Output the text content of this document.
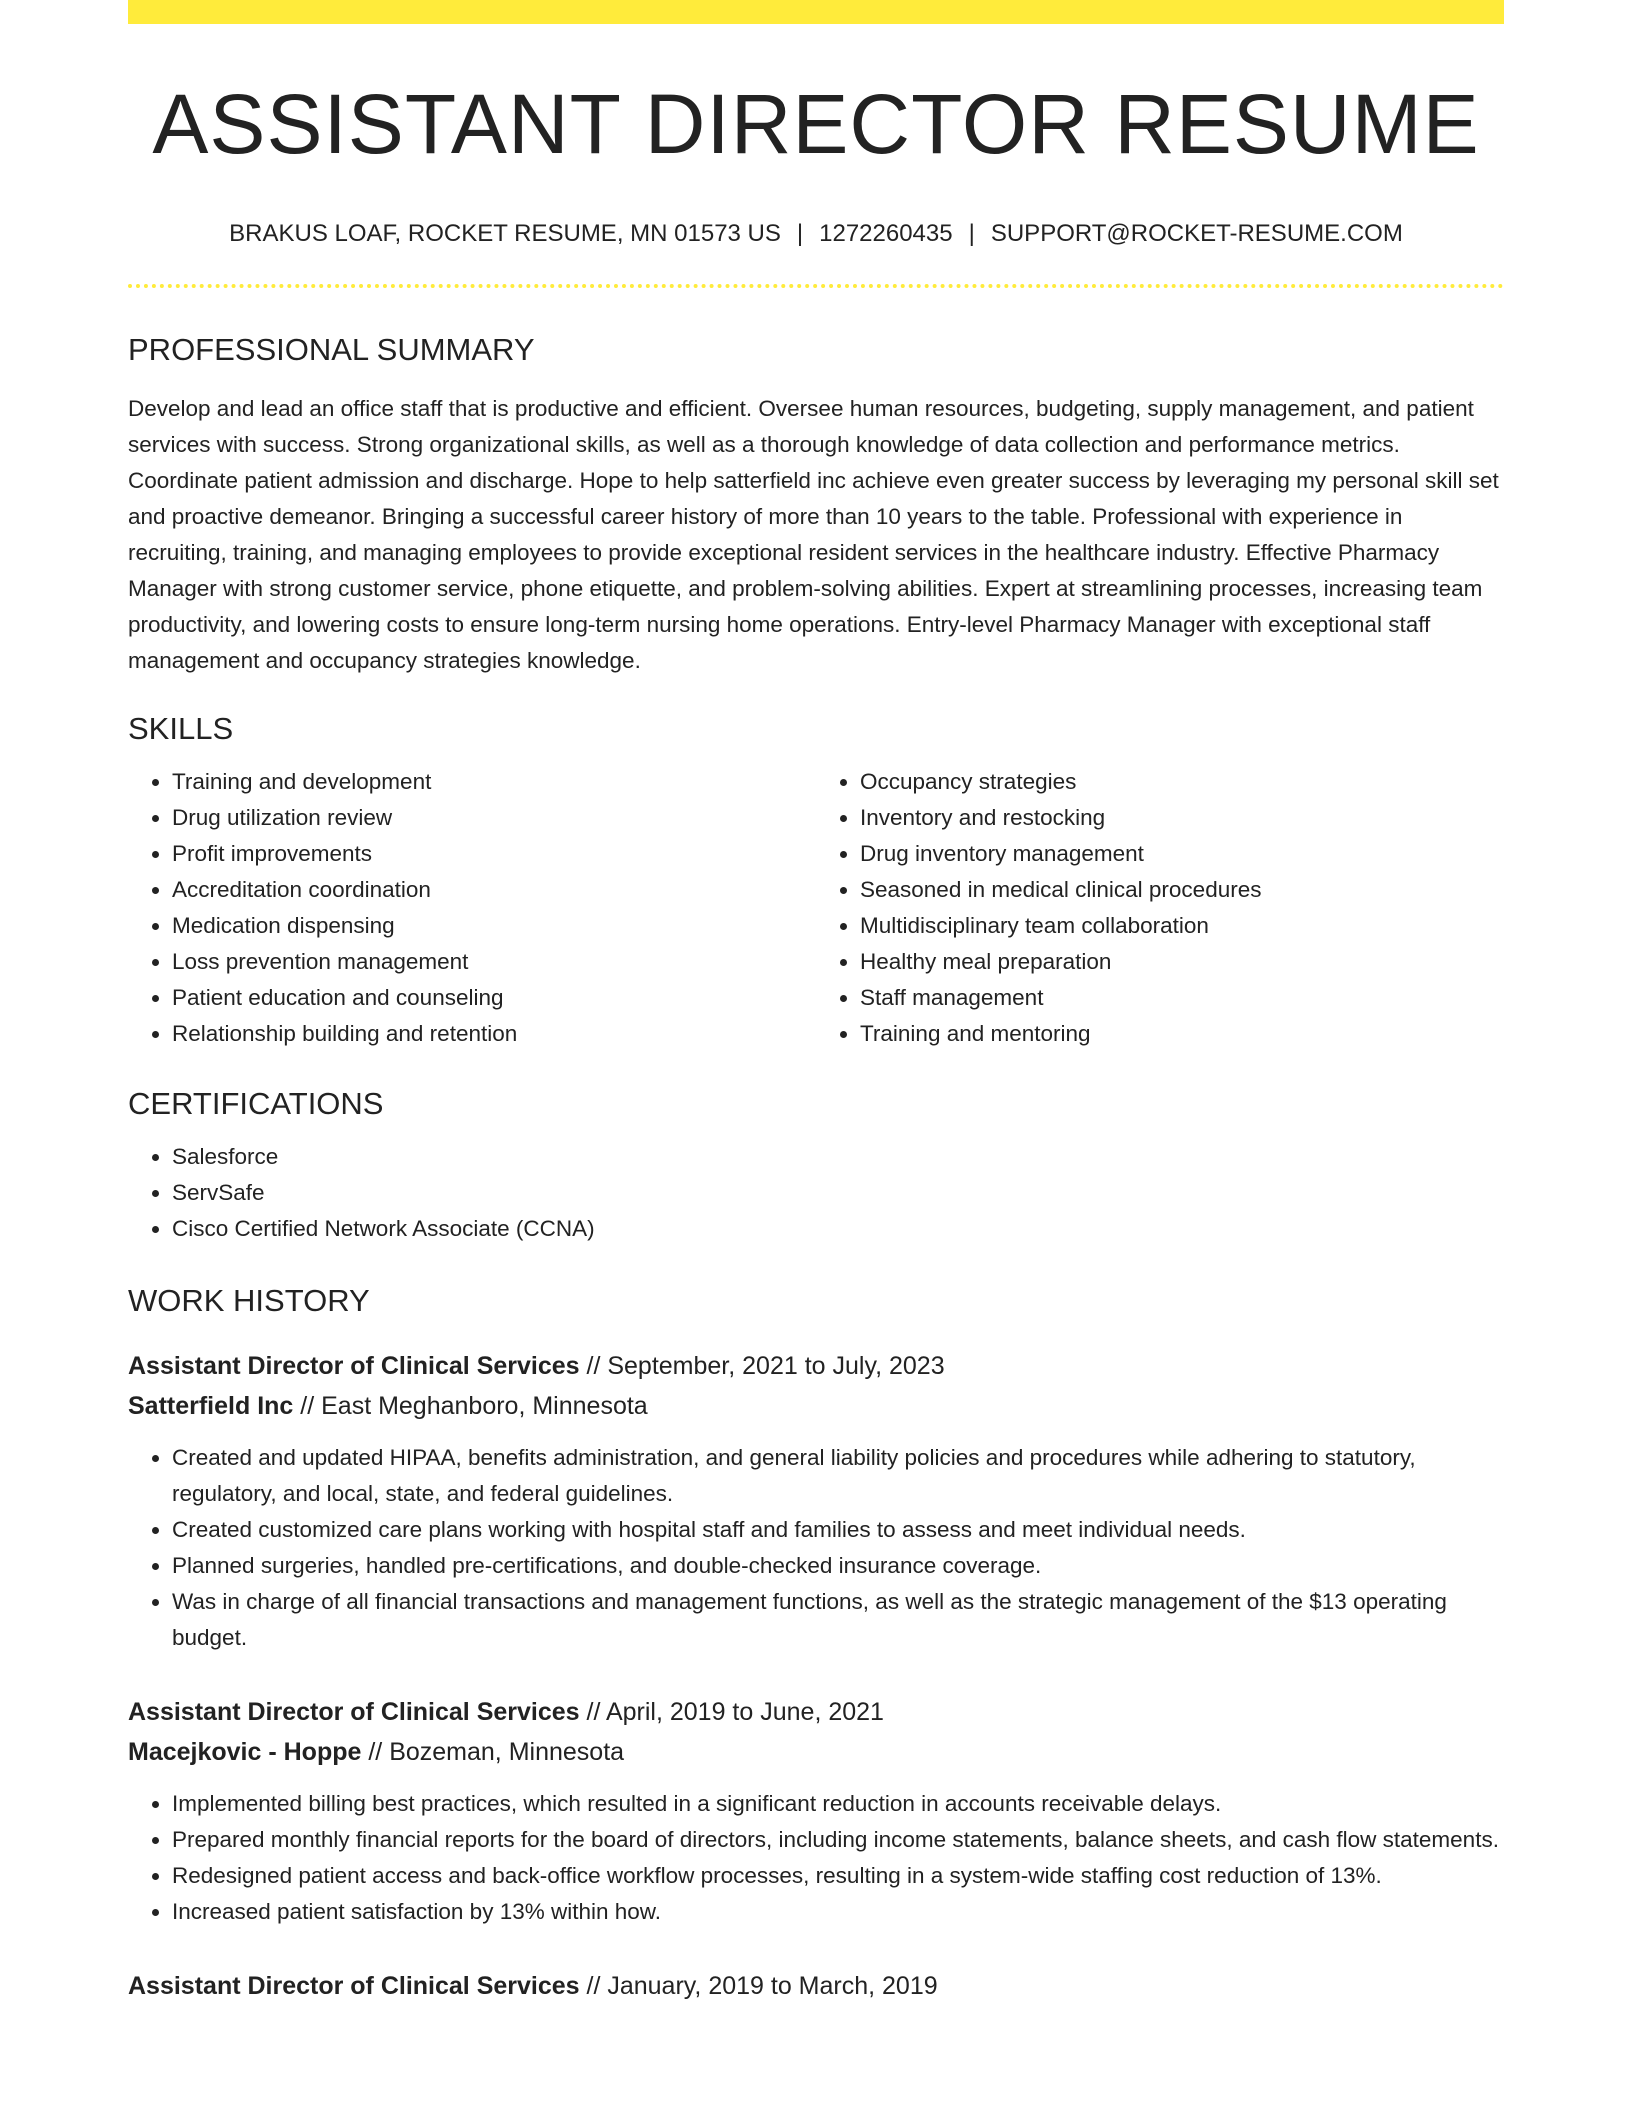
ASSISTANT DIRECTOR RESUME
BRAKUS LOAF, ROCKET RESUME, MN 01573 US | 1272260435 | SUPPORT@ROCKET-RESUME.COM
PROFESSIONAL SUMMARY

Develop and lead an office staff that is productive and efficient. Oversee human resources, budgeting, supply management, and patient services with success. Strong organizational skills, as well as a thorough knowledge of data collection and performance metrics. Coordinate patient admission and discharge. Hope to help satterfield inc achieve even greater success by leveraging my personal skill set and proactive demeanor. Bringing a successful career history of more than 10 years to the table. Professional with experience in recruiting, training, and managing employees to provide exceptional resident services in the healthcare industry. Effective Pharmacy Manager with strong customer service, phone etiquette, and problem-solving abilities. Expert at streamlining processes, increasing team productivity, and lowering costs to ensure long-term nursing home operations. Entry-level Pharmacy Manager with exceptional staff management and occupancy strategies knowledge.

SKILLS
• Training and development
• Drug utilization review
• Profit improvements
• Accreditation coordination
• Medication dispensing
• Loss prevention management
• Patient education and counseling
• Relationship building and retention
• Occupancy strategies
• Inventory and restocking
• Drug inventory management
• Seasoned in medical clinical procedures
• Multidisciplinary team collaboration
• Healthy meal preparation
• Staff management
• Training and mentoring
CERTIFICATIONS
• Salesforce
• ServSafe
• Cisco Certified Network Associate (CCNA)
WORK HISTORY
Assistant Director of Clinical Services // September, 2021 to July, 2023
Satterfield Inc // East Meghanboro, Minnesota
• Created and updated HIPAA, benefits administration, and general liability policies and procedures while adhering to statutory, regulatory, and local, state, and federal guidelines.
• Created customized care plans working with hospital staff and families to assess and meet individual needs.
• Planned surgeries, handled pre-certifications, and double-checked insurance coverage.
• Was in charge of all financial transactions and management functions, as well as the strategic management of the $13 operating budget.
Assistant Director of Clinical Services // April, 2019 to June, 2021
Macejkovic - Hoppe // Bozeman, Minnesota
• Implemented billing best practices, which resulted in a significant reduction in accounts receivable delays.
• Prepared monthly financial reports for the board of directors, including income statements, balance sheets, and cash flow statements.
• Redesigned patient access and back-office workflow processes, resulting in a system-wide staffing cost reduction of 13%.
• Increased patient satisfaction by 13% within how.
Assistant Director of Clinical Services // January, 2019 to March, 2019
